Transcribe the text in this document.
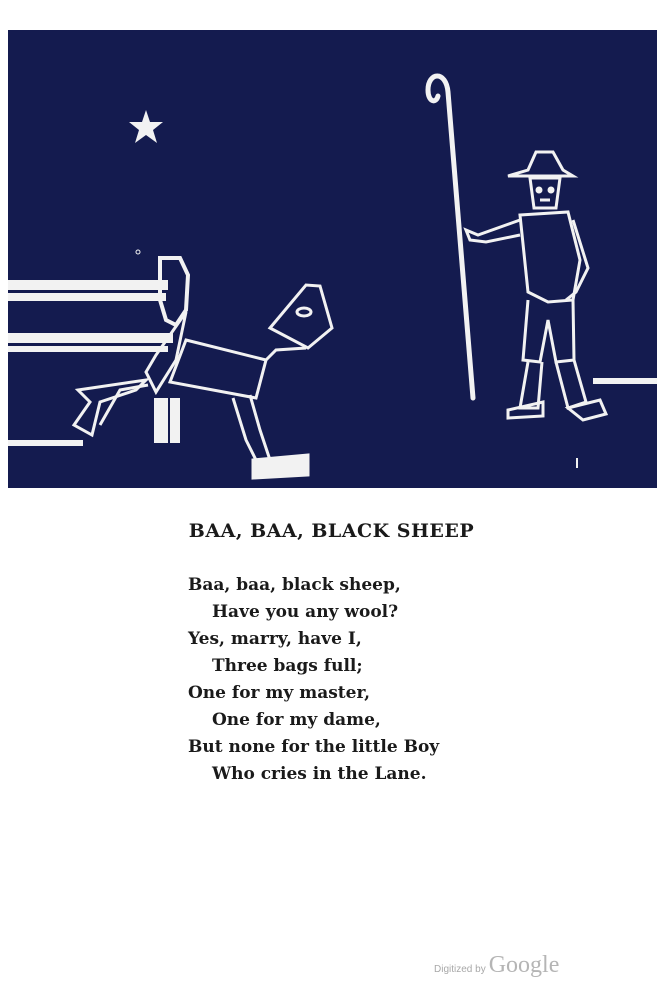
BAA, BAA, BLACK SHEEP
Baa, baa, black sheep,
Have you any wool?
Yes, marry, have I,
Three bags full;
One for my master,
One for my dame,
But none for the little Boy
Who cries in the Lane.
Digitized by Google
